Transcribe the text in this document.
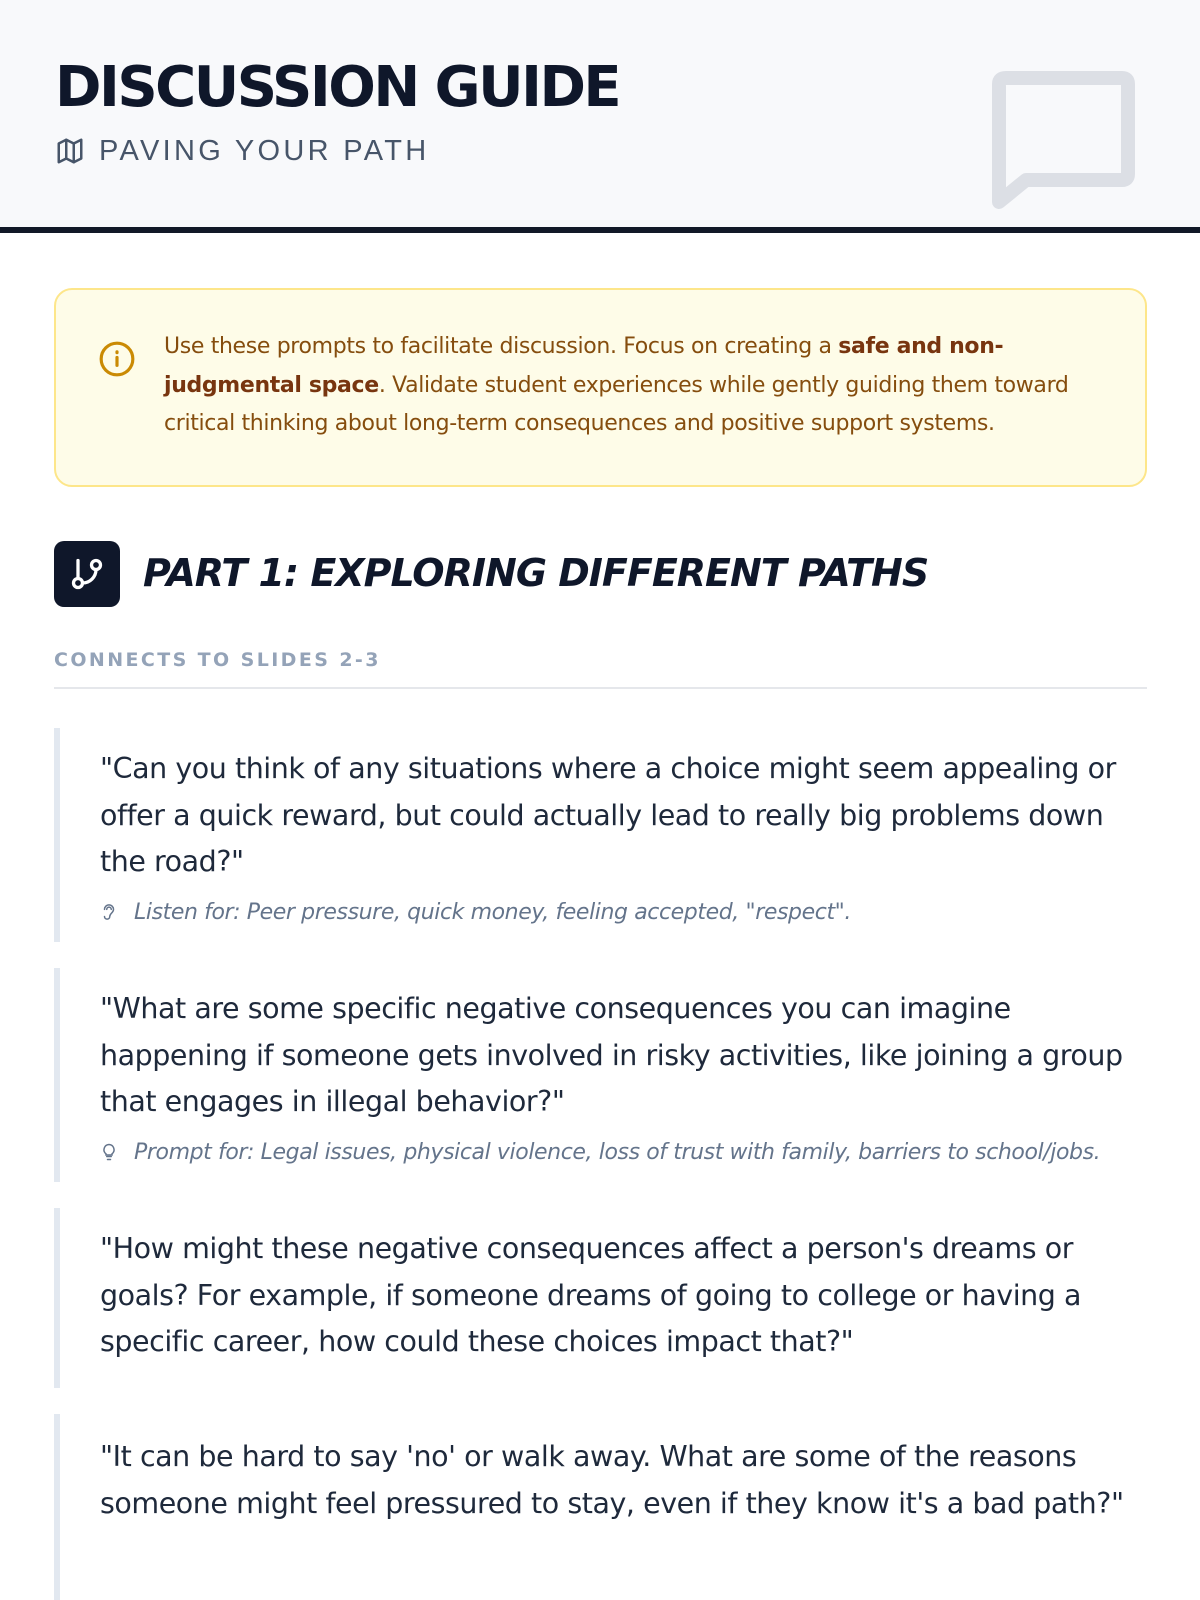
DISCUSSION GUIDE
PAVING YOUR PATH

Use these prompts to facilitate discussion. Focus on creating a safe and non-judgmental space. Validate student experiences while gently guiding them toward critical thinking about long-term consequences and positive support systems.

PART 1: EXPLORING DIFFERENT PATHS
CONNECTS TO SLIDES 2-3

"Can you think of any situations where a choice might seem appealing or offer a quick reward, but could actually lead to really big problems down the road?"

Listen for: Peer pressure, quick money, feeling accepted, "respect".

"What are some specific negative consequences you can imagine happening if someone gets involved in risky activities, like joining a group that engages in illegal behavior?"

Prompt for: Legal issues, physical violence, loss of trust with family, barriers to school/jobs.

"How might these negative consequences affect a person's dreams or goals? For example, if someone dreams of going to college or having a specific career, how could these choices impact that?"

"It can be hard to say 'no' or walk away. What are some of the reasons someone might feel pressured to stay, even if they know it's a bad path?"
